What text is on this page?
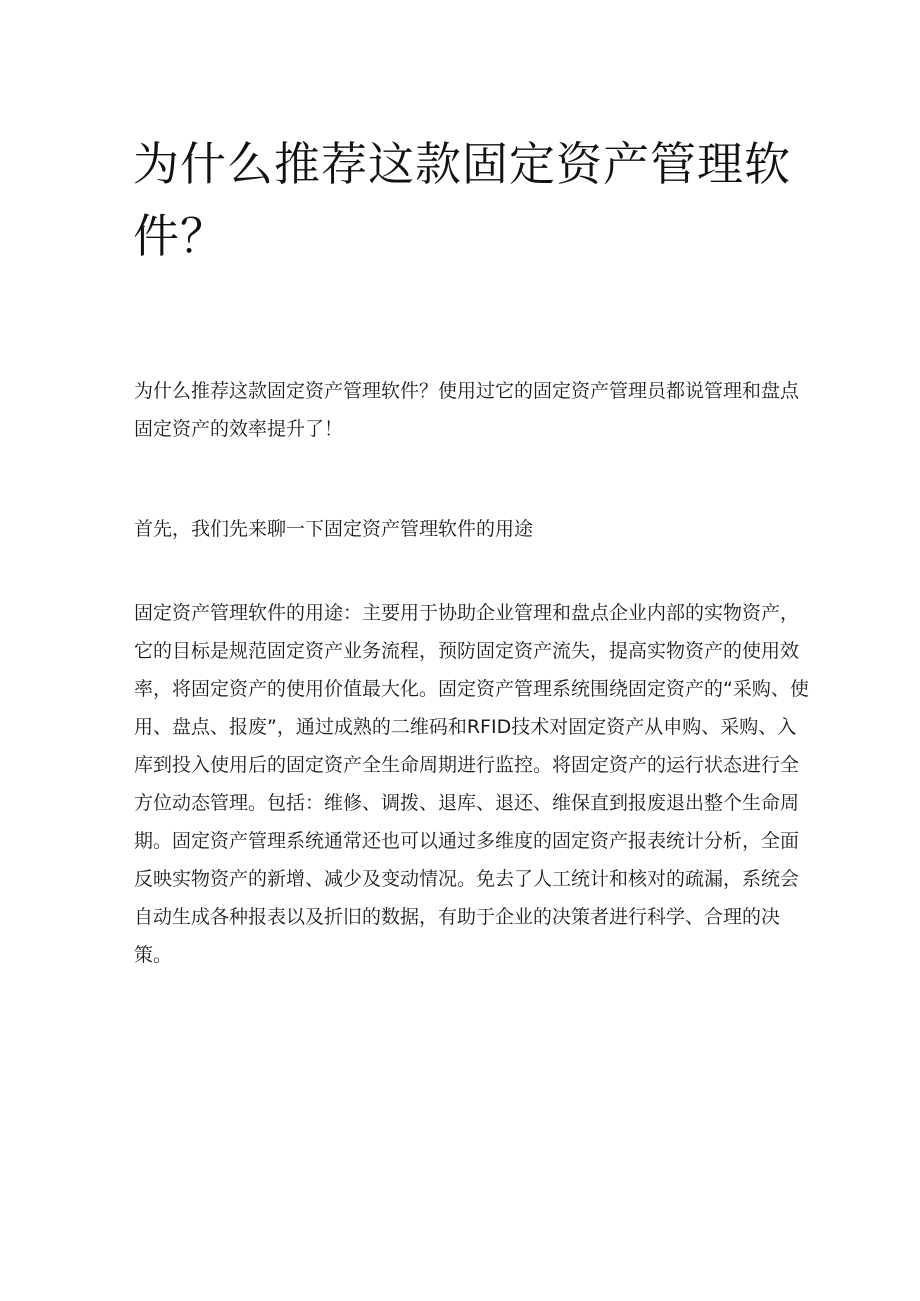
为什么推荐这款固定资产管理软件？

为什么推荐这款固定资产管理软件？使用过它的固定资产管理员都说管理和盘点固定资产的效率提升了！

首先，我们先来聊一下固定资产管理软件的用途

固定资产管理软件的用途：主要用于协助企业管理和盘点企业内部的实物资产，它的目标是规范固定资产业务流程，预防固定资产流失，提高实物资产的使用效率，将固定资产的使用价值最大化。固定资产管理系统围绕固定资产的“采购、使用、盘点、报废”，通过成熟的二维码和RFID技术对固定资产从申购、采购、入库到投入使用后的固定资产全生命周期进行监控。将固定资产的运行状态进行全方位动态管理。包括：维修、调拨、退库、退还、维保直到报废退出整个生命周期。固定资产管理系统通常还也可以通过多维度的固定资产报表统计分析，全面反映实物资产的新增、减少及变动情况。免去了人工统计和核对的疏漏，系统会自动生成各种报表以及折旧的数据，有助于企业的决策者进行科学、合理的决策。
